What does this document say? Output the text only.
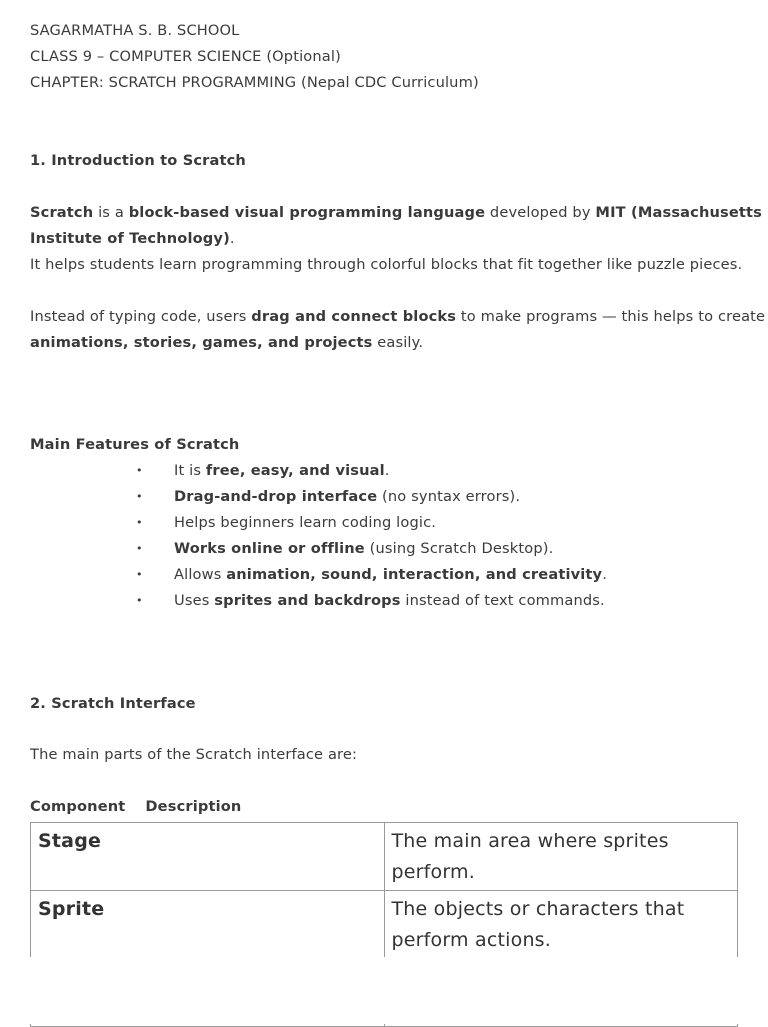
SAGARMATHA S. B. SCHOOL
CLASS 9 – COMPUTER SCIENCE (Optional)
CHAPTER: SCRATCH PROGRAMMING (Nepal CDC Curriculum)
1. Introduction to Scratch
Scratch is a block-based visual programming language developed by MIT (Massachusetts
Institute of Technology).
It helps students learn programming through colorful blocks that fit together like puzzle pieces.
Instead of typing code, users drag and connect blocks to make programs — this helps to create
animations, stories, games, and projects easily.
Main Features of Scratch
• It is free, easy, and visual.
• Drag-and-drop interface (no syntax errors).
• Helps beginners learn coding logic.
• Works online or offline (using Scratch Desktop).
• Allows animation, sound, interaction, and creativity.
• Uses sprites and backdrops instead of text commands.
2. Scratch Interface
The main parts of the Scratch interface are:
Component Description
Stage	The main area where sprites perform.
Sprite	The objects or characters that perform actions.
